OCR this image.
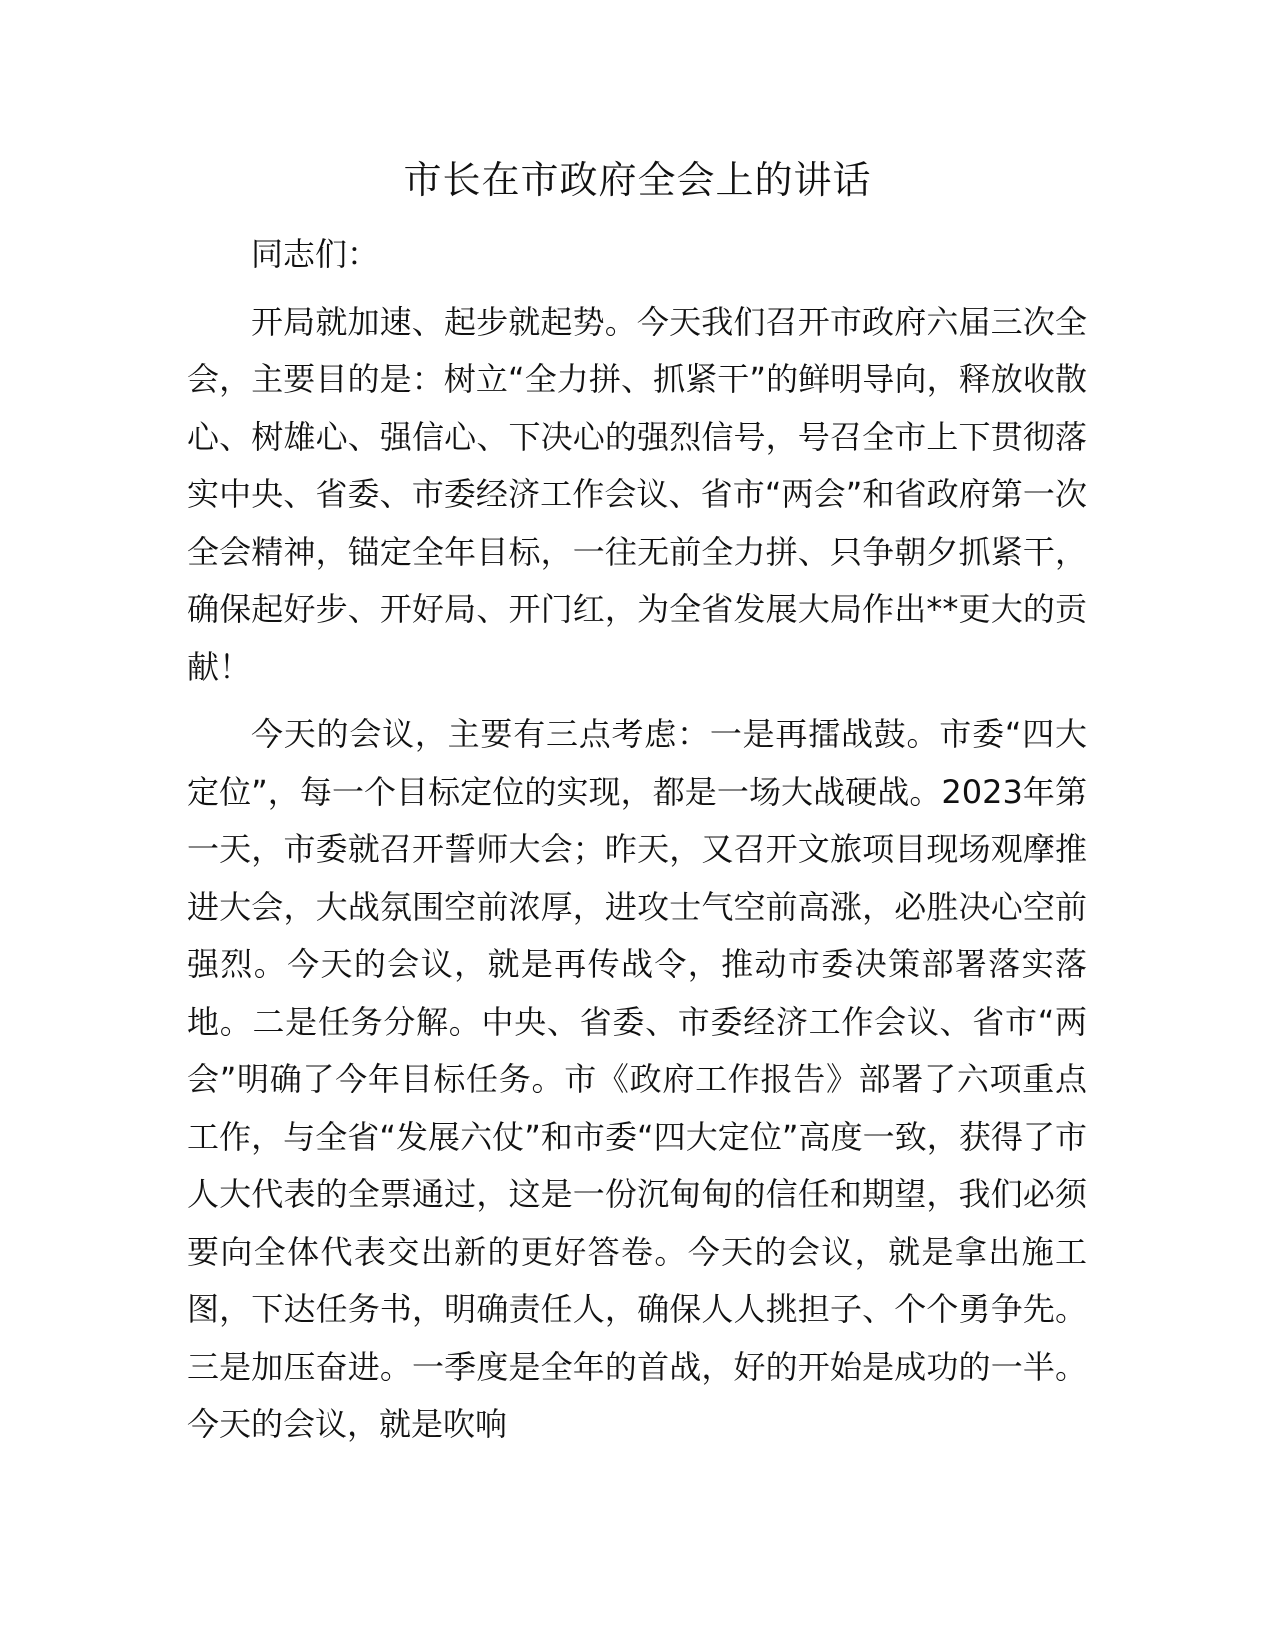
市长在市政府全会上的讲话

同志们：

开局就加速、起步就起势。今天我们召开市政府六届三次全会，主要目的是：树立“全力拼、抓紧干”的鲜明导向，释放收散心、树雄心、强信心、下决心的强烈信号，号召全市上下贯彻落实中央、省委、市委经济工作会议、省市“两会”和省政府第一次全会精神，锚定全年目标，一往无前全力拼、只争朝夕抓紧干，确保起好步、开好局、开门红，为全省发展大局作出**更大的贡献！

今天的会议，主要有三点考虑：一是再擂战鼓。市委“四大定位”，每一个目标定位的实现，都是一场大战硬战。2023年第一天，市委就召开誓师大会；昨天，又召开文旅项目现场观摩推进大会，大战氛围空前浓厚，进攻士气空前高涨，必胜决心空前强烈。今天的会议，就是再传战令，推动市委决策部署落实落地。二是任务分解。中央、省委、市委经济工作会议、省市“两会”明确了今年目标任务。市《政府工作报告》部署了六项重点工作，与全省“发展六仗”和市委“四大定位”高度一致，获得了市人大代表的全票通过，这是一份沉甸甸的信任和期望，我们必须要向全体代表交出新的更好答卷。今天的会议，就是拿出施工图，下达任务书，明确责任人，确保人人挑担子、个个勇争先。三是加压奋进。一季度是全年的首战，好的开始是成功的一半。今天的会议，就是吹响
